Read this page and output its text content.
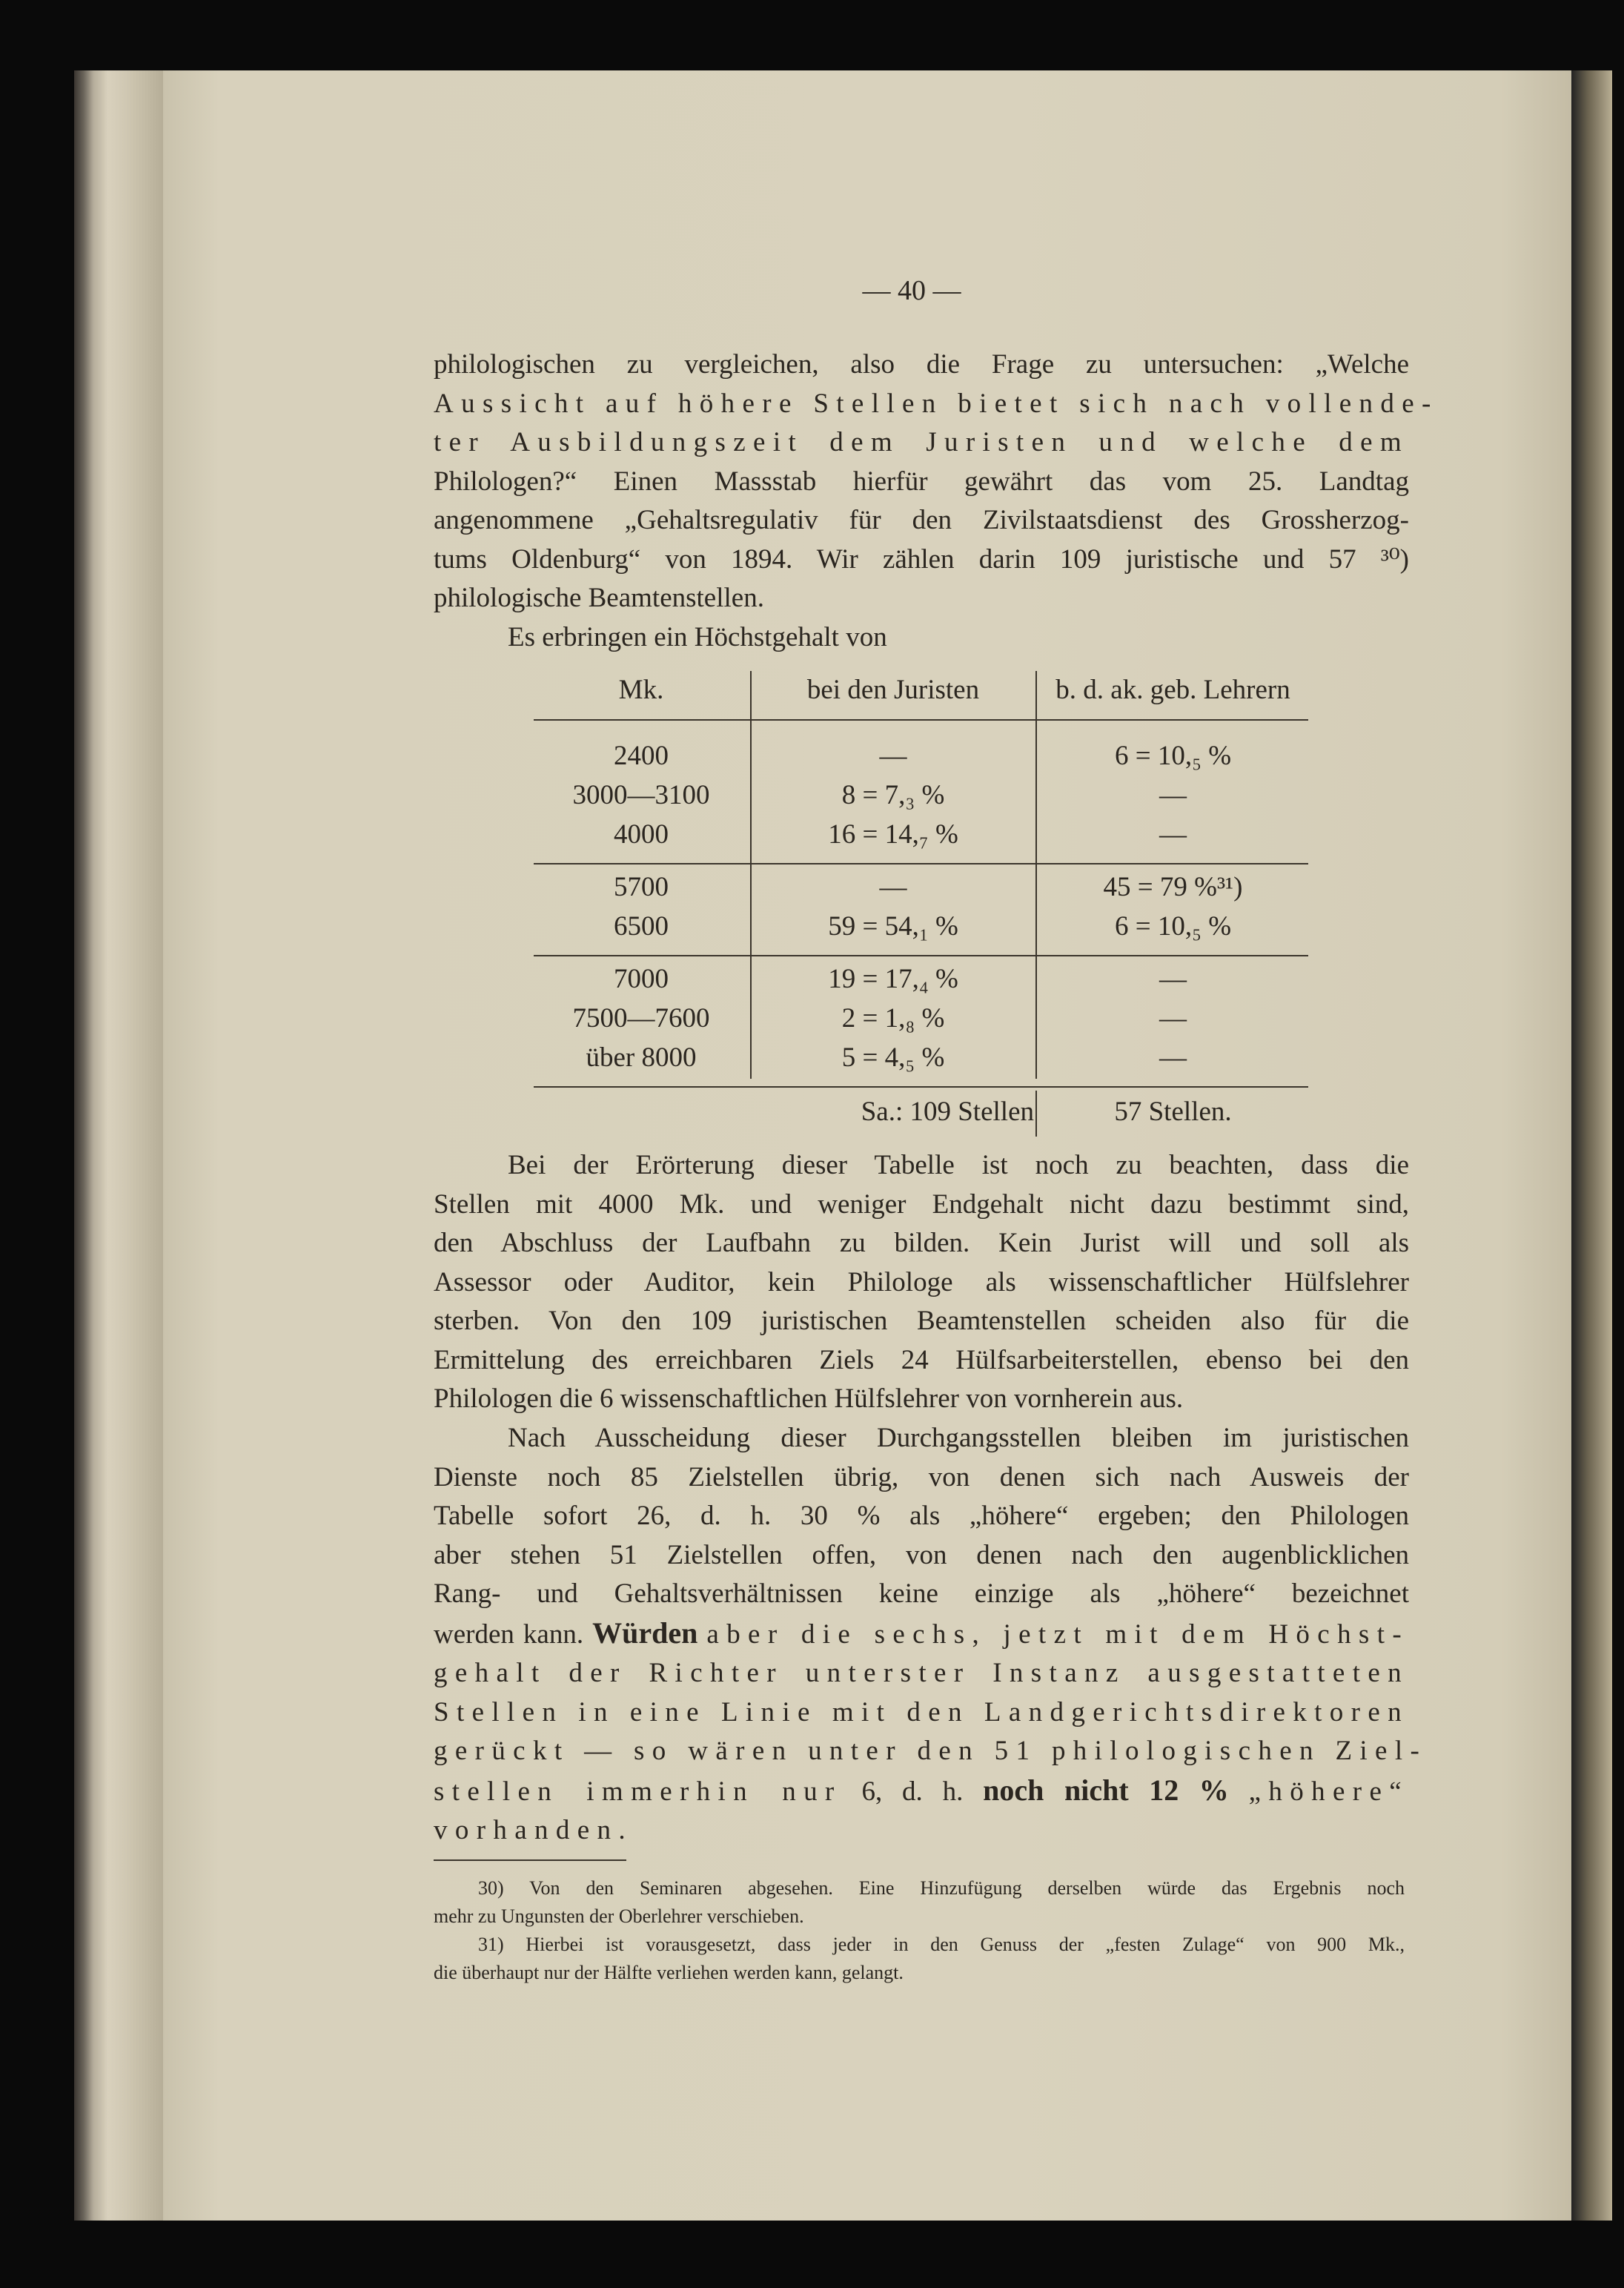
— 40 —
philologischen zu vergleichen, also die Frage zu untersuchen: „Welche
Aussicht auf höhere Stellen bietet sich nach vollende-
ter Ausbildungszeit dem Juristen und welche dem
Philologen?“ Einen Massstab hierfür gewährt das vom 25. Landtag
angenommene „Gehaltsregulativ für den Zivilstaatsdienst des Grossherzog-
tums Oldenburg“ von 1894. Wir zählen darin 109 juristische und 57 ³⁰)
philologische Beamtenstellen.
Es erbringen ein Höchstgehalt von
Mk.	bei den Juristen	b. d. ak. geb. Lehrern
2400	—	6 = 10,₅ %
3000—3100	8 = 7,₃ %	—
4000	16 = 14,₇ %	—
5700	—	45 = 79 %³¹)
6500	59 = 54,₁ %	6 = 10,₅ %
7000	19 = 17,₄ %	—
7500—7600	2 = 1,₈ %	—
über 8000	5 = 4,₅ %	—
Sa.: 109 Stellen	57 Stellen.
Bei der Erörterung dieser Tabelle ist noch zu beachten, dass die
Stellen mit 4000 Mk. und weniger Endgehalt nicht dazu bestimmt sind,
den Abschluss der Laufbahn zu bilden. Kein Jurist will und soll als
Assessor oder Auditor, kein Philologe als wissenschaftlicher Hülfslehrer
sterben. Von den 109 juristischen Beamtenstellen scheiden also für die
Ermittelung des erreichbaren Ziels 24 Hülfsarbeiterstellen, ebenso bei den
Philologen die 6 wissenschaftlichen Hülfslehrer von vornherein aus.
Nach Ausscheidung dieser Durchgangsstellen bleiben im juristischen
Dienste noch 85 Zielstellen übrig, von denen sich nach Ausweis der
Tabelle sofort 26, d. h. 30 % als „höhere“ ergeben; den Philologen
aber stehen 51 Zielstellen offen, von denen nach den augenblicklichen
Rang- und Gehaltsverhältnissen keine einzige als „höhere“ bezeichnet
werden kann. Würden aber die sechs, jetzt mit dem Höchst-
gehalt der Richter unterster Instanz ausgestatteten
Stellen in eine Linie mit den Landgerichtsdirektoren
gerückt — so wären unter den 51 philologischen Ziel-
stellen immerhin nur 6, d. h. noch nicht 12 % „höhere“
vorhanden.
30) Von den Seminaren abgesehen. Eine Hinzufügung derselben würde das Ergebnis noch
mehr zu Ungunsten der Oberlehrer verschieben.
31) Hierbei ist vorausgesetzt, dass jeder in den Genuss der „festen Zulage“ von 900 Mk.,
die überhaupt nur der Hälfte verliehen werden kann, gelangt.
